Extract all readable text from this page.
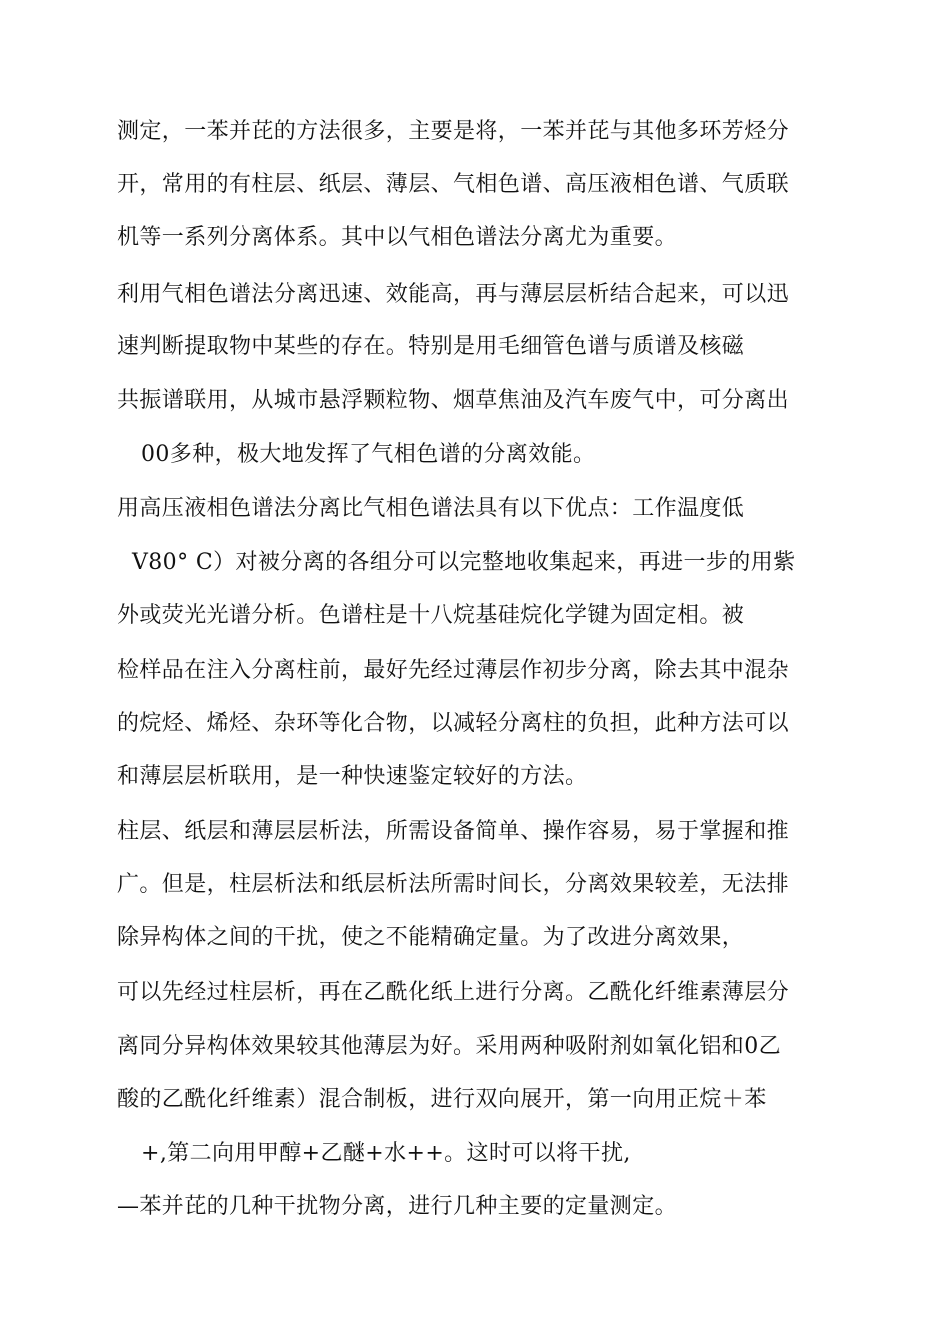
测定，一苯并芘的方法很多，主要是将，一苯并芘与其他多环芳烃分
开，常用的有柱层、纸层、薄层、气相色谱、高压液相色谱、气质联
机等一系列分离体系。其中以气相色谱法分离尤为重要。
利用气相色谱法分离迅速、效能高，再与薄层层析结合起来，可以迅
速判断提取物中某些的存在。特别是用毛细管色谱与质谱及核磁
共振谱联用，从城市悬浮颗粒物、烟草焦油及汽车废气中，可分离出
00多种，极大地发挥了气相色谱的分离效能。
用高压液相色谱法分离比气相色谱法具有以下优点：工作温度低
V80° C）对被分离的各组分可以完整地收集起来，再进一步的用紫
外或荧光光谱分析。色谱柱是十八烷基硅烷化学键为固定相。被
检样品在注入分离柱前，最好先经过薄层作初步分离，除去其中混杂
的烷烃、烯烃、杂环等化合物，以减轻分离柱的负担，此种方法可以
和薄层层析联用，是一种快速鉴定较好的方法。
柱层、纸层和薄层层析法，所需设备简单、操作容易，易于掌握和推
广。但是，柱层析法和纸层析法所需时间长，分离效果较差，无法排
除异构体之间的干扰，使之不能精确定量。为了改进分离效果，
可以先经过柱层析，再在乙酰化纸上进行分离。乙酰化纤维素薄层分
离同分异构体效果较其他薄层为好。采用两种吸附剂如氧化铝和0乙
酸的乙酰化纤维素）混合制板，进行双向展开，第一向用正烷＋苯
+,第二向用甲醇+乙醚+水++。这时可以将干扰,
—苯并芘的几种干扰物分离，进行几种主要的定量测定。
